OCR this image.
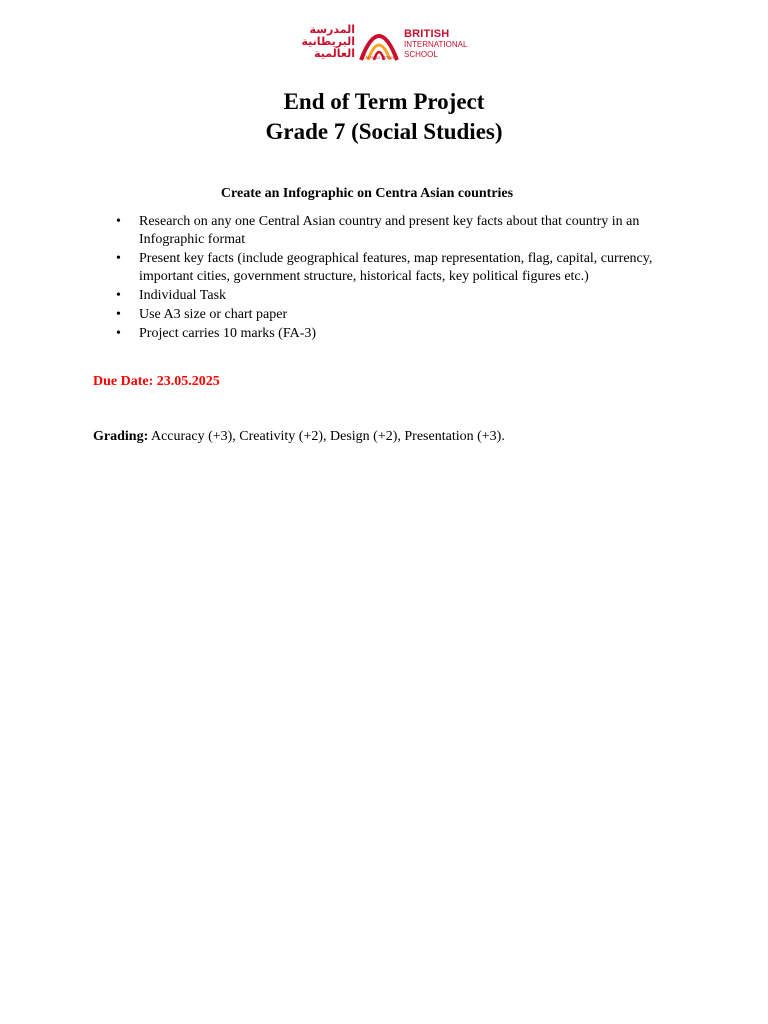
المدرسة البريطانية العالمية	Dare to Dream
BRITISH
INTERNATIONAL
SCHOOL
End of Term Project
Grade 7 (Social Studies)
Create an Infographic on Centra Asian countries
• Research on any one Central Asian country and present key facts about that country in an Infographic format
• Present key facts (include geographical features, map representation, flag, capital, currency, important cities, government structure, historical facts, key political figures etc.)
• Individual Task
• Use A3 size or chart paper
• Project carries 10 marks (FA-3)
Due Date: 23.05.2025
Grading: Accuracy (+3), Creativity (+2), Design (+2), Presentation (+3).
